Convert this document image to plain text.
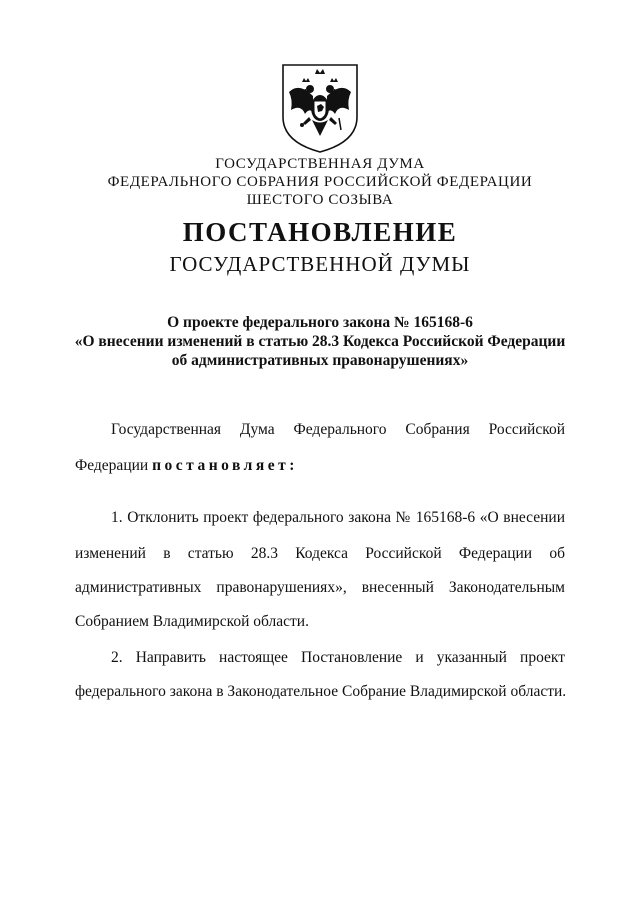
ГОСУДАРСТВЕННАЯ ДУМА
ФЕДЕРАЛЬНОГО СОБРАНИЯ РОССИЙСКОЙ ФЕДЕРАЦИИ
ШЕСТОГО СОЗЫВА
ПОСТАНОВЛЕНИЕ
ГОСУДАРСТВЕННОЙ ДУМЫ
О проекте федерального закона № 165168-6
«О внесении изменений в статью 28.3 Кодекса Российской Федерации
об административных правонарушениях»
Государственная Дума Федерального Собрания Российской
Федерации постановляет:
1. Отклонить проект федерального закона № 165168-6 «О внесении
изменений в статью 28.3 Кодекса Российской Федерации об
административных правонарушениях», внесенный Законодательным
Собранием Владимирской области.
2. Направить настоящее Постановление и указанный проект
федерального закона в Законодательное Собрание Владимирской области.
